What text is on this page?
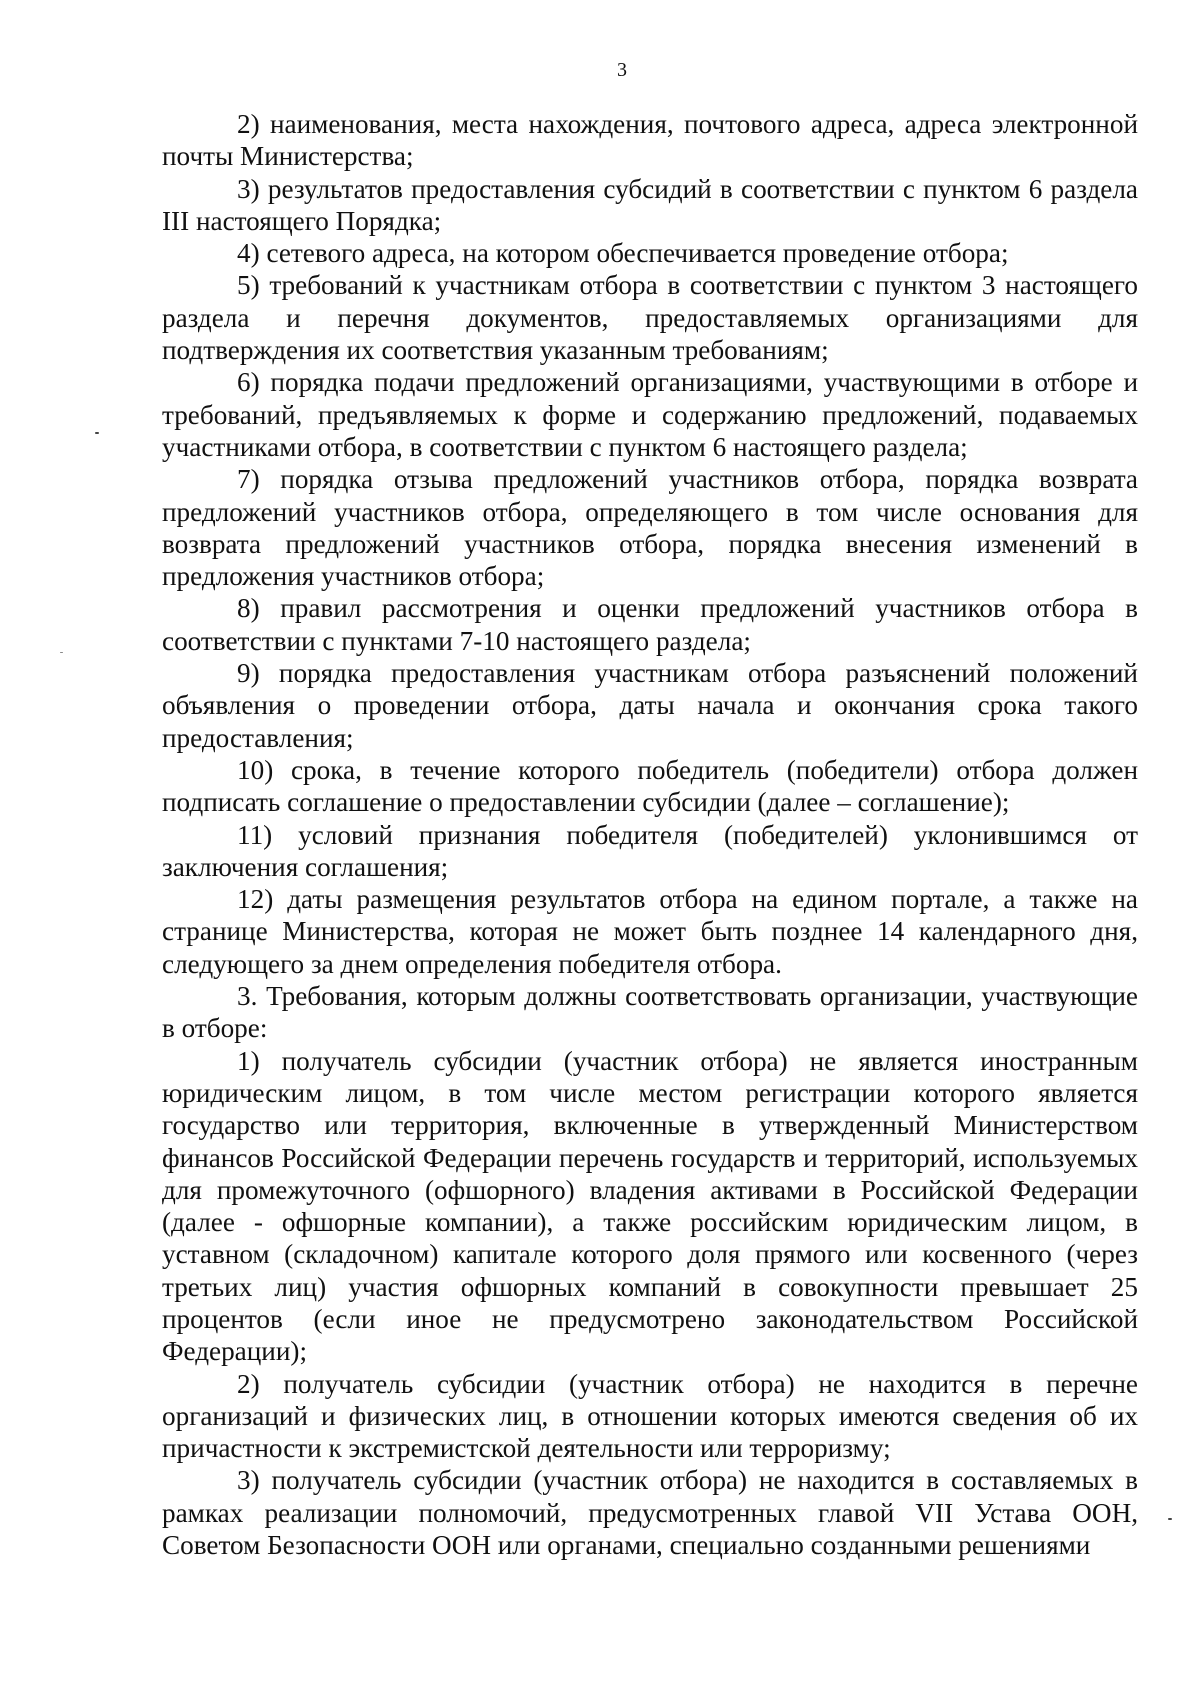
3

2) наименования, места нахождения, почтового адреса, адреса электронной почты Министерства;

3) результатов предоставления субсидий в соответствии с пунктом 6 раздела III настоящего Порядка;

4) сетевого адреса, на котором обеспечивается проведение отбора;

5) требований к участникам отбора в соответствии с пунктом 3 настоящего раздела и перечня документов, предоставляемых организациями для подтверждения их соответствия указанным требованиям;

6) порядка подачи предложений организациями, участвующими в отборе и требований, предъявляемых к форме и содержанию предложений, подаваемых участниками отбора, в соответствии с пунктом 6 настоящего раздела;

7) порядка отзыва предложений участников отбора, порядка возврата предложений участников отбора, определяющего в том числе основания для возврата предложений участников отбора, порядка внесения изменений в предложения участников отбора;

8) правил рассмотрения и оценки предложений участников отбора в соответствии с пунктами 7-10 настоящего раздела;

9) порядка предоставления участникам отбора разъяснений положений объявления о проведении отбора, даты начала и окончания срока такого предоставления;

10) срока, в течение которого победитель (победители) отбора должен подписать соглашение о предоставлении субсидии (далее – соглашение);

11) условий признания победителя (победителей) уклонившимся от заключения соглашения;

12) даты размещения результатов отбора на едином портале, а также на странице Министерства, которая не может быть позднее 14 календарного дня, следующего за днем определения победителя отбора.

3. Требования, которым должны соответствовать организации, участвующие в отборе:

1) получатель субсидии (участник отбора) не является иностранным юридическим лицом, в том числе местом регистрации которого является государство или территория, включенные в утвержденный Министерством финансов Российской Федерации перечень государств и территорий, используемых для промежуточного (офшорного) владения активами в Российской Федерации (далее - офшорные компании), а также российским юридическим лицом, в уставном (складочном) капитале которого доля прямого или косвенного (через третьих лиц) участия офшорных компаний в совокупности превышает 25 процентов (если иное не предусмотрено законодательством Российской Федерации);

2) получатель субсидии (участник отбора) не находится в перечне организаций и физических лиц, в отношении которых имеются сведения об их причастности к экстремистской деятельности или терроризму;

3) получатель субсидии (участник отбора) не находится в составляемых в рамках реализации полномочий, предусмотренных главой VII Устава ООН, Советом Безопасности ООН или органами, специально созданными решениями
